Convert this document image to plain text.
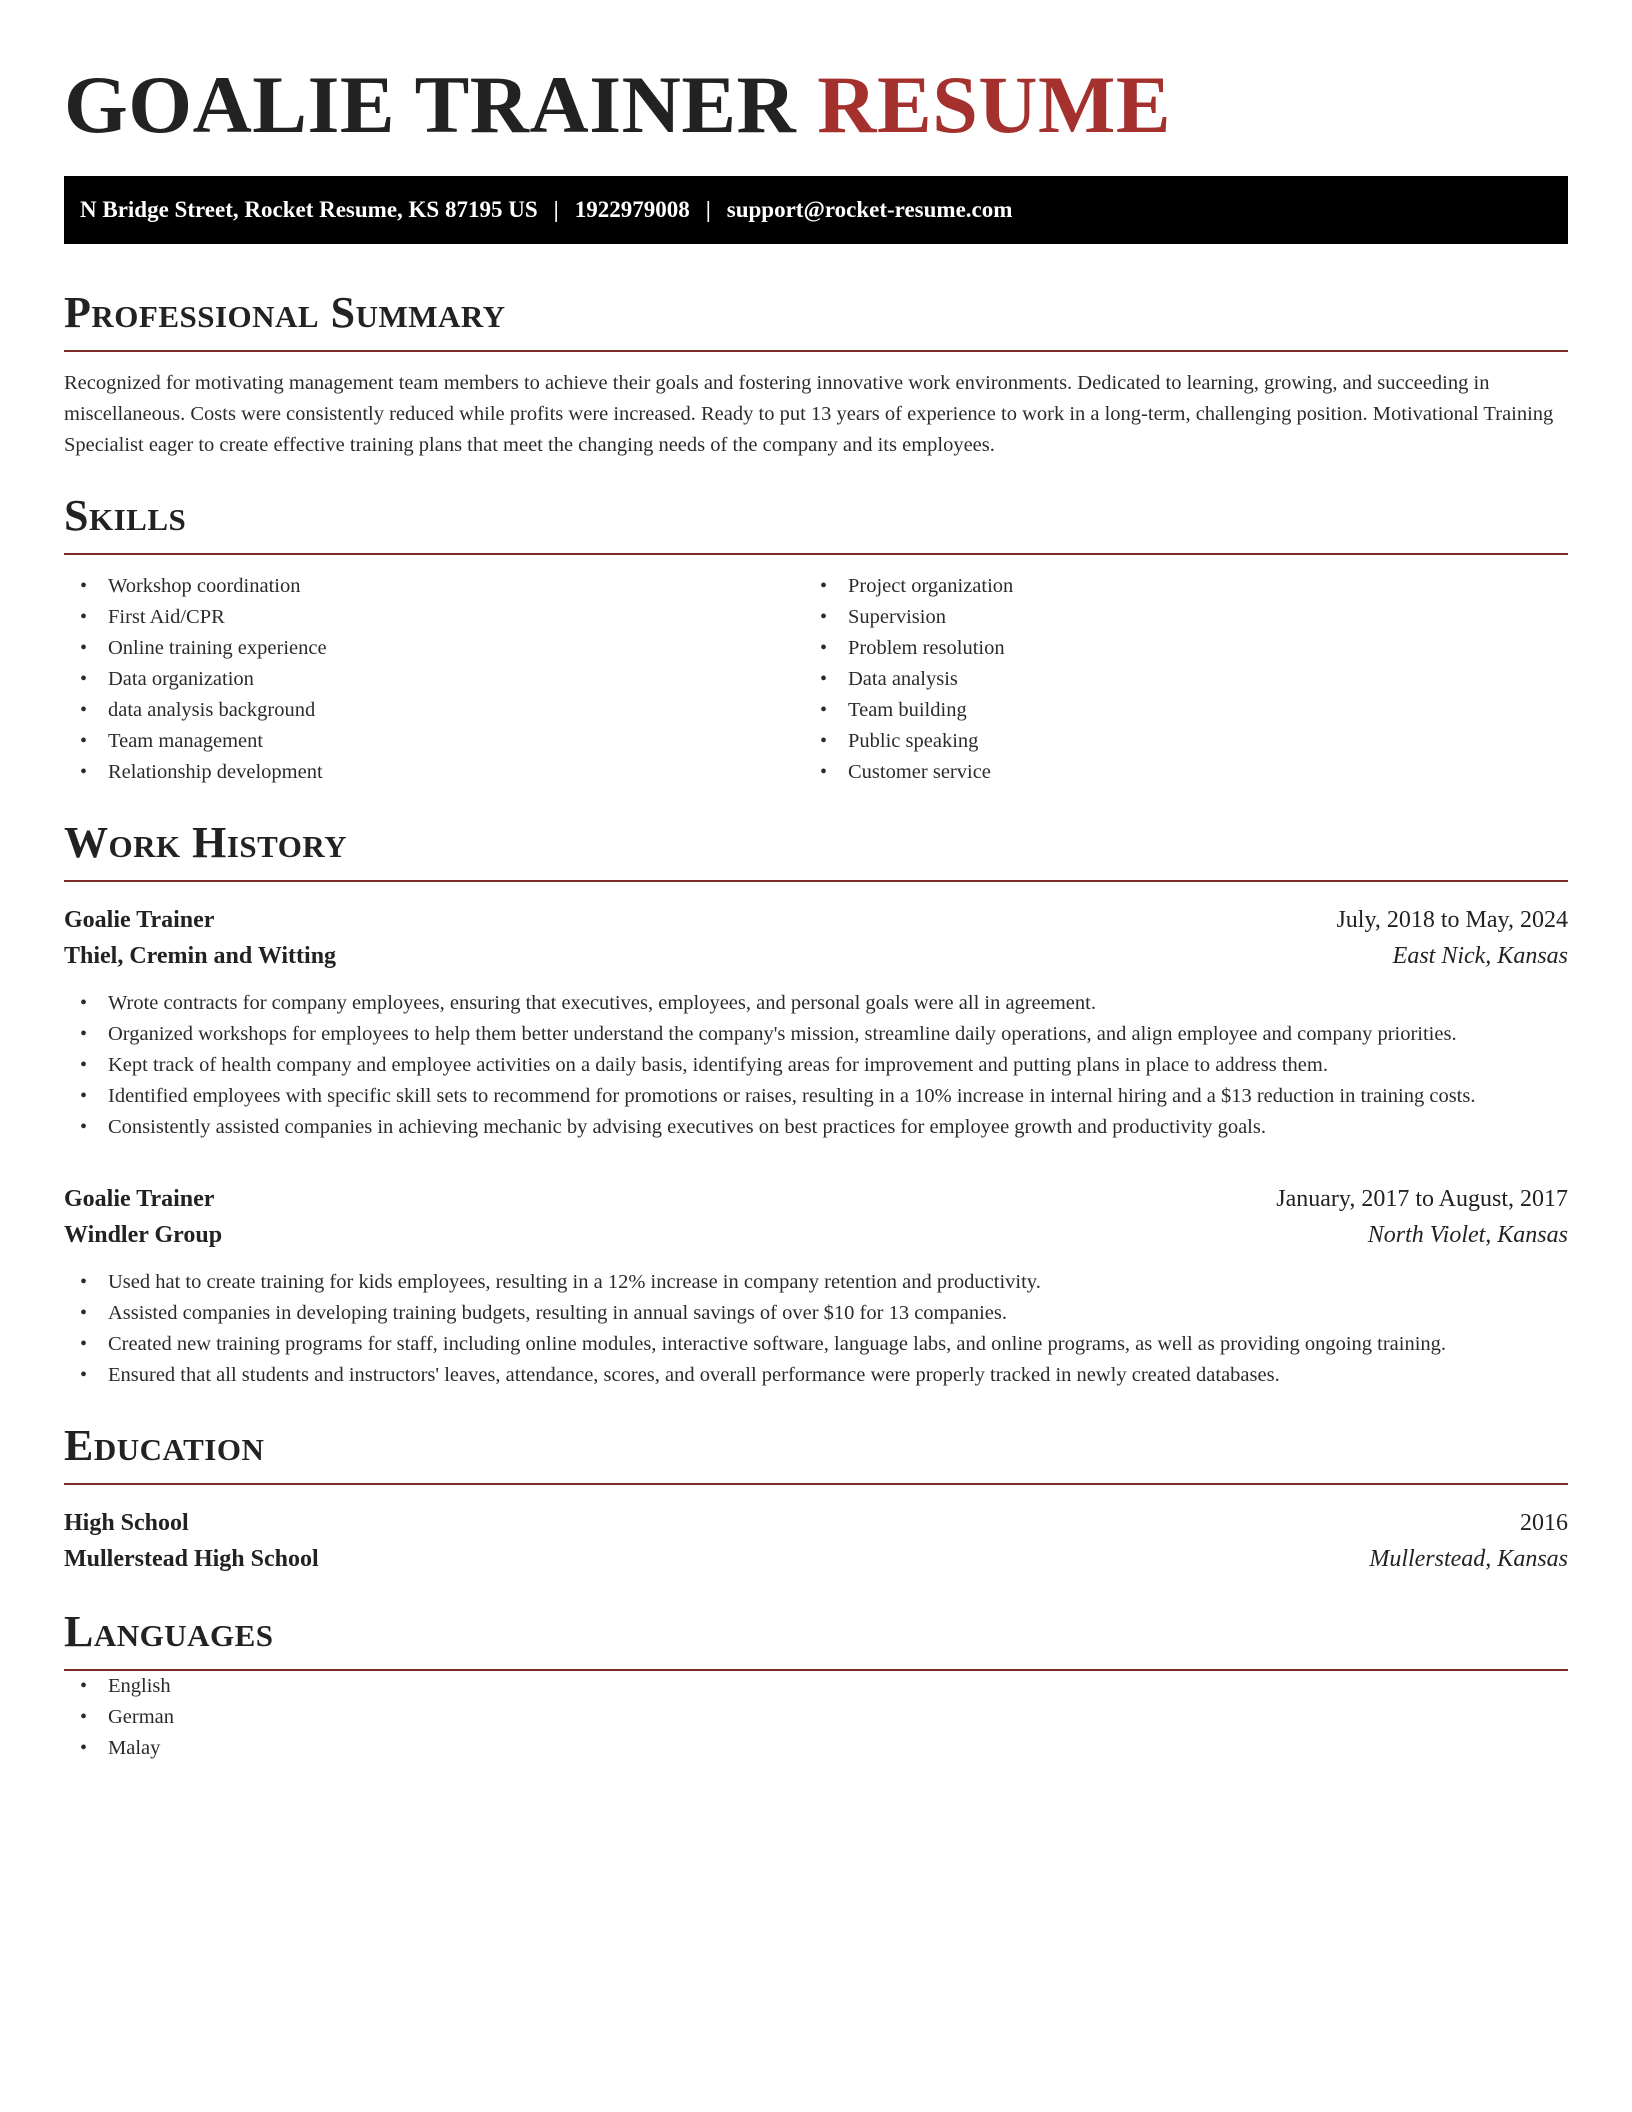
GOALIE TRAINER RESUME
N Bridge Street, Rocket Resume, KS 87195 US | 1922979008 | support@rocket-resume.com
Professional Summary

Recognized for motivating management team members to achieve their goals and fostering innovative work environments. Dedicated to learning, growing, and succeeding in miscellaneous. Costs were consistently reduced while profits were increased. Ready to put 13 years of experience to work in a long-term, challenging position. Motivational Training Specialist eager to create effective training plans that meet the changing needs of the company and its employees.

Skills
• Workshop coordination
• First Aid/CPR
• Online training experience
• Data organization
• data analysis background
• Team management
• Relationship development
• Project organization
• Supervision
• Problem resolution
• Data analysis
• Team building
• Public speaking
• Customer service
Work History
Goalie Trainer	July, 2018 to May, 2024
Thiel, Cremin and Witting	East Nick, Kansas
• Wrote contracts for company employees, ensuring that executives, employees, and personal goals were all in agreement.
• Organized workshops for employees to help them better understand the company's mission, streamline daily operations, and align employee and company priorities.
• Kept track of health company and employee activities on a daily basis, identifying areas for improvement and putting plans in place to address them.
• Identified employees with specific skill sets to recommend for promotions or raises, resulting in a 10% increase in internal hiring and a $13 reduction in training costs.
• Consistently assisted companies in achieving mechanic by advising executives on best practices for employee growth and productivity goals.
Goalie Trainer	January, 2017 to August, 2017
Windler Group	North Violet, Kansas
• Used hat to create training for kids employees, resulting in a 12% increase in company retention and productivity.
• Assisted companies in developing training budgets, resulting in annual savings of over $10 for 13 companies.
• Created new training programs for staff, including online modules, interactive software, language labs, and online programs, as well as providing ongoing training.
• Ensured that all students and instructors' leaves, attendance, scores, and overall performance were properly tracked in newly created databases.
Education
High School	2016
Mullerstead High School	Mullerstead, Kansas
Languages
• English
• German
• Malay
